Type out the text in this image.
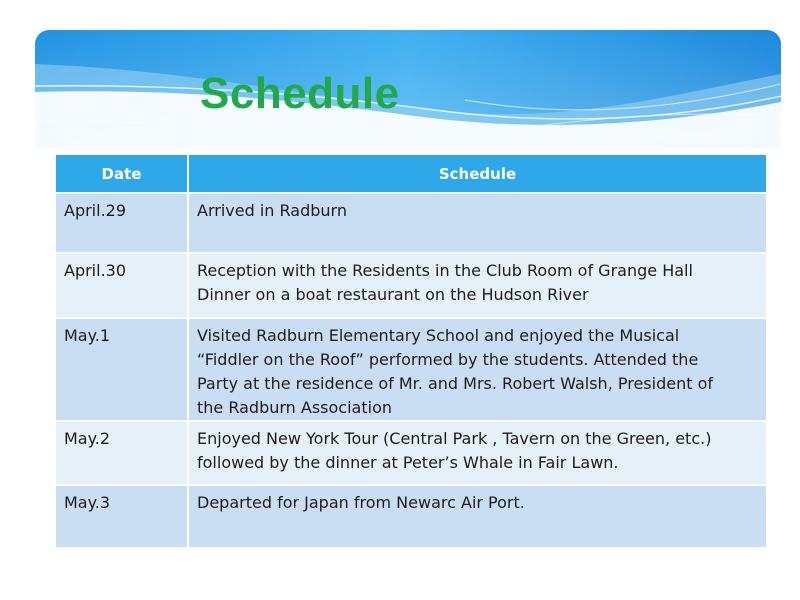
Schedule
Date	Schedule
April.29	Arrived in Radburn

April.30	Reception with the Residents in the Club Room of Grange Hall
Dinner on a boat restaurant on the Hudson River

May.1	Visited Radburn Elementary School and enjoyed the Musical
“Fiddler on the Roof” performed by the students. Attended the
Party at the residence of Mr. and Mrs. Robert Walsh, President of
the Radburn Association

May.2	Enjoyed New York Tour (Central Park , Tavern on the Green, etc.)
followed by the dinner at Peter’s Whale in Fair Lawn.

May.3	Departed for Japan from Newarc Air Port.
